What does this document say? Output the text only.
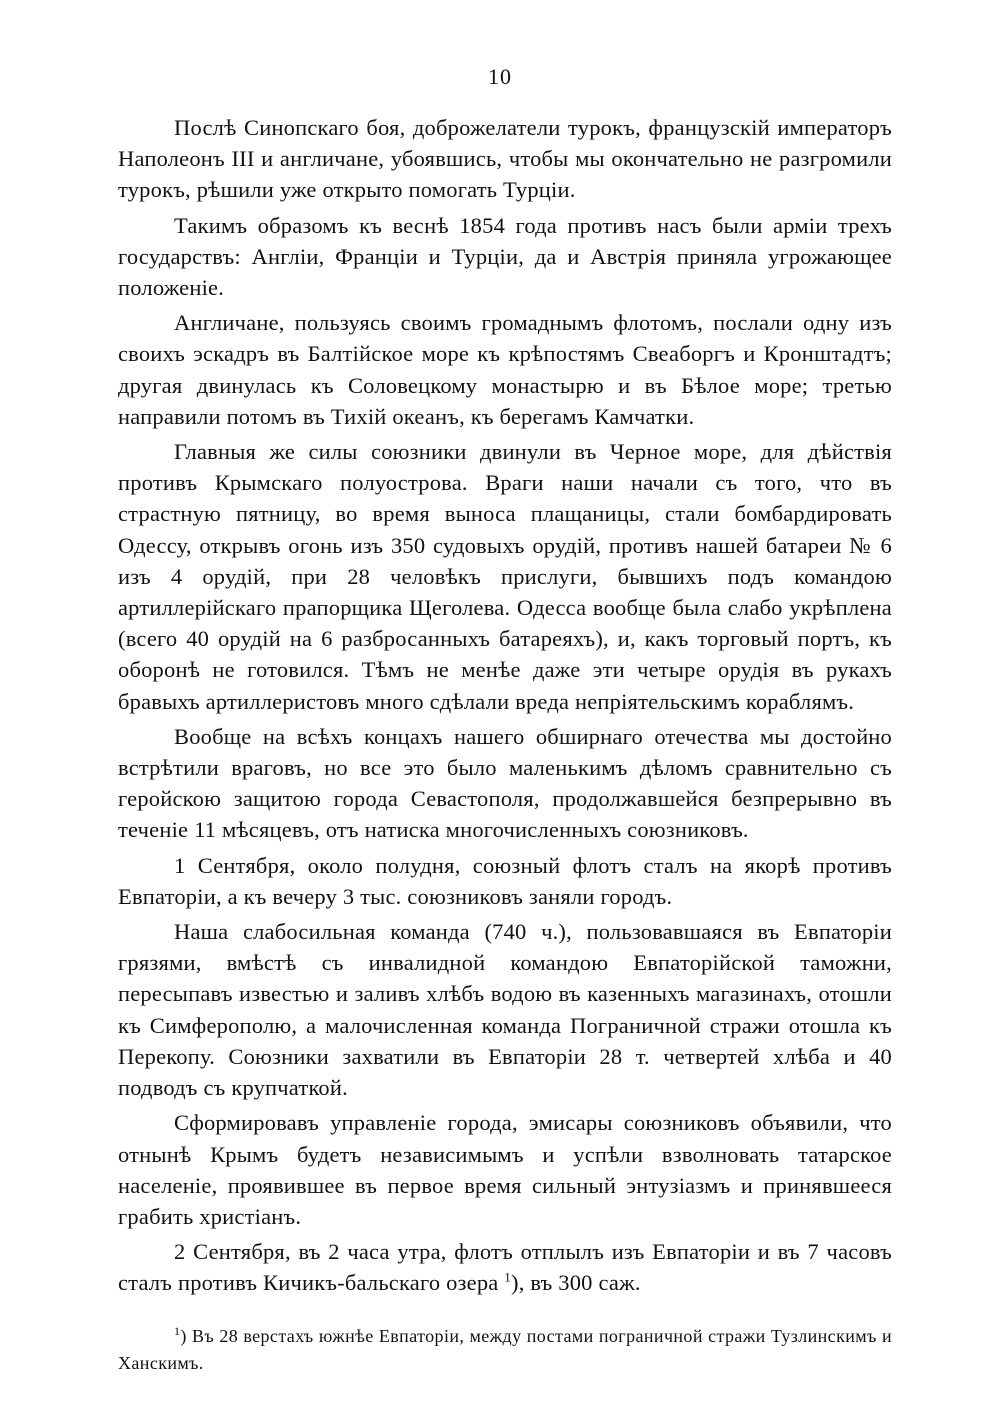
10

Послѣ Синопскаго боя, доброжелатели турокъ, французскій императоръ Наполеонъ III и англичане, убоявшись, чтобы мы окончательно не разгромили турокъ, рѣшили уже открыто помогать Турціи.

Такимъ образомъ къ веснѣ 1854 года противъ насъ были арміи трехъ государствъ: Англіи, Франціи и Турціи, да и Австрія приняла угрожающее положеніе.

Англичане, пользуясь своимъ громаднымъ флотомъ, послали одну изъ своихъ эскадръ въ Балтійское море къ крѣпостямъ Свеаборгъ и Кронштадтъ; другая двинулась къ Соловецкому монастырю и въ Бѣлое море; третью направили потомъ въ Тихій океанъ, къ берегамъ Камчатки.

Главныя же силы союзники двинули въ Черное море, для дѣйствія противъ Крымскаго полуострова. Враги наши начали съ того, что въ страстную пятницу, во время выноса плащаницы, стали бомбардировать Одессу, открывъ огонь изъ 350 судовыхъ орудій, противъ нашей батареи № 6 изъ 4 орудій, при 28 человѣкъ прислуги, бывшихъ подъ командою артиллерійскаго прапорщика Щеголева. Одесса вообще была слабо укрѣплена (всего 40 орудій на 6 разбросанныхъ батареяхъ), и, какъ торговый портъ, къ оборонѣ не готовился. Тѣмъ не менѣе даже эти четыре орудія въ рукахъ бравыхъ артиллеристовъ много сдѣлали вреда непріятельскимъ кораблямъ.

Вообще на всѣхъ концахъ нашего обширнаго отечества мы достойно встрѣтили враговъ, но все это было маленькимъ дѣломъ сравнительно съ геройскою защитою города Севастополя, продолжавшейся безпрерывно въ теченіе 11 мѣсяцевъ, отъ натиска многочисленныхъ союзниковъ.

1 Сентября, около полудня, союзный флотъ сталъ на якорѣ противъ Евпаторіи, а къ вечеру 3 тыс. союзниковъ заняли городъ.

Наша слабосильная команда (740 ч.), пользовавшаяся въ Евпаторіи грязями, вмѣстѣ съ инвалидной командою Евпаторійской таможни, пересыпавъ известью и заливъ хлѣбъ водою въ казенныхъ магазинахъ, отошли къ Симферополю, а малочисленная команда Пограничной стражи отошла къ Перекопу. Союзники захватили въ Евпаторіи 28 т. четвертей хлѣба и 40 подводъ съ крупчаткой.

Сформировавъ управленіе города, эмисары союзниковъ объявили, что отнынѣ Крымъ будетъ независимымъ и успѣли взволновать татарское населеніе, проявившее въ первое время сильный энтузіазмъ и принявшееся грабить христіанъ.

2 Сентября, въ 2 часа утра, флотъ отплылъ изъ Евпаторіи и въ 7 часовъ сталъ противъ Кичикъ-бальскаго озера $^1$), въ 300 саж.

$^1$) Въ 28 верстахъ южнѣе Евпаторіи, между постами пограничной стражи Тузлинскимъ и Ханскимъ.
